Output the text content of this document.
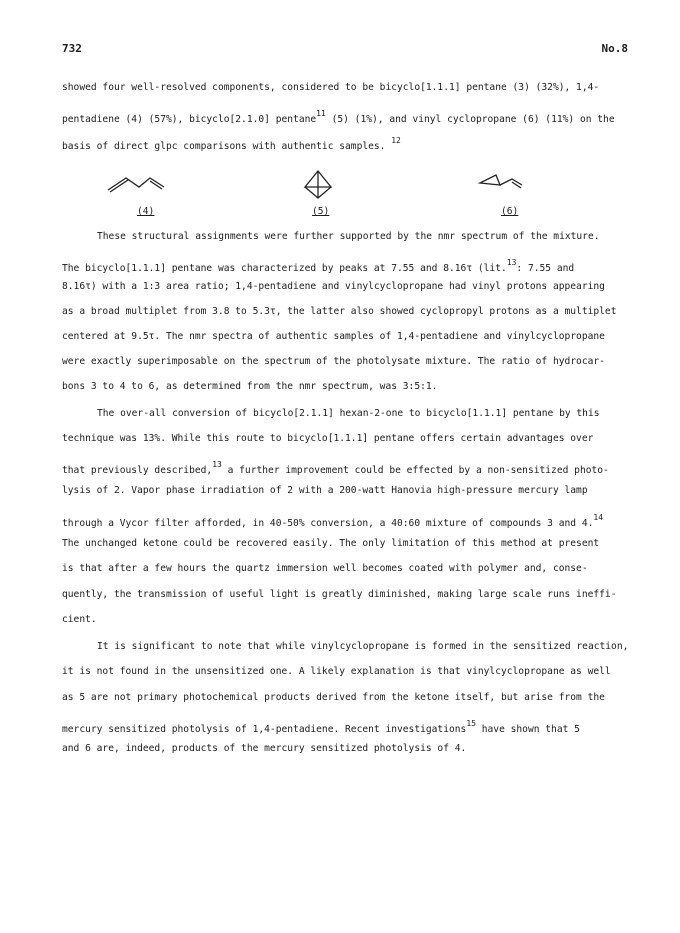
732	No.8
showed four well-resolved components, considered to be bicyclo[1.1.1] pentane (3) (32%), 1,4-
pentadiene (4) (57%), bicyclo[2.1.0] pentane$^{11}$ (5) (1%), and vinyl cyclopropane (6) (11%) on the
basis of direct glpc comparisons with authentic samples. $^{12}$
(4)	(5)	(6)
These structural assignments were further supported by the nmr spectrum of the mixture.
The bicyclo[1.1.1] pentane was characterized by peaks at 7.55 and 8.16τ (lit.$^{13}$: 7.55 and
8.16τ) with a 1:3 area ratio; 1,4-pentadiene and vinylcyclopropane had vinyl protons appearing
as a broad multiplet from 3.8 to 5.3τ, the latter also showed cyclopropyl protons as a multiplet
centered at 9.5τ. The nmr spectra of authentic samples of 1,4-pentadiene and vinylcyclopropane
were exactly superimposable on the spectrum of the photolysate mixture. The ratio of hydrocar-
bons 3 to 4 to 6, as determined from the nmr spectrum, was 3:5:1.
The over-all conversion of bicyclo[2.1.1] hexan-2-one to bicyclo[1.1.1] pentane by this
technique was 13%. While this route to bicyclo[1.1.1] pentane offers certain advantages over
that previously described,$^{13}$ a further improvement could be effected by a non-sensitized photo-
lysis of 2. Vapor phase irradiation of 2 with a 200-watt Hanovia high-pressure mercury lamp
through a Vycor filter afforded, in 40-50% conversion, a 40:60 mixture of compounds 3 and 4.14
The unchanged ketone could be recovered easily. The only limitation of this method at present
is that after a few hours the quartz immersion well becomes coated with polymer and, conse-
quently, the transmission of useful light is greatly diminished, making large scale runs ineffi-
cient.
It is significant to note that while vinylcyclopropane is formed in the sensitized reaction,
it is not found in the unsensitized one. A likely explanation is that vinylcyclopropane as well
as 5 are not primary photochemical products derived from the ketone itself, but arise from the
mercury sensitized photolysis of 1,4-pentadiene. Recent investigations$^{15}$ have shown that 5
and 6 are, indeed, products of the mercury sensitized photolysis of 4.
